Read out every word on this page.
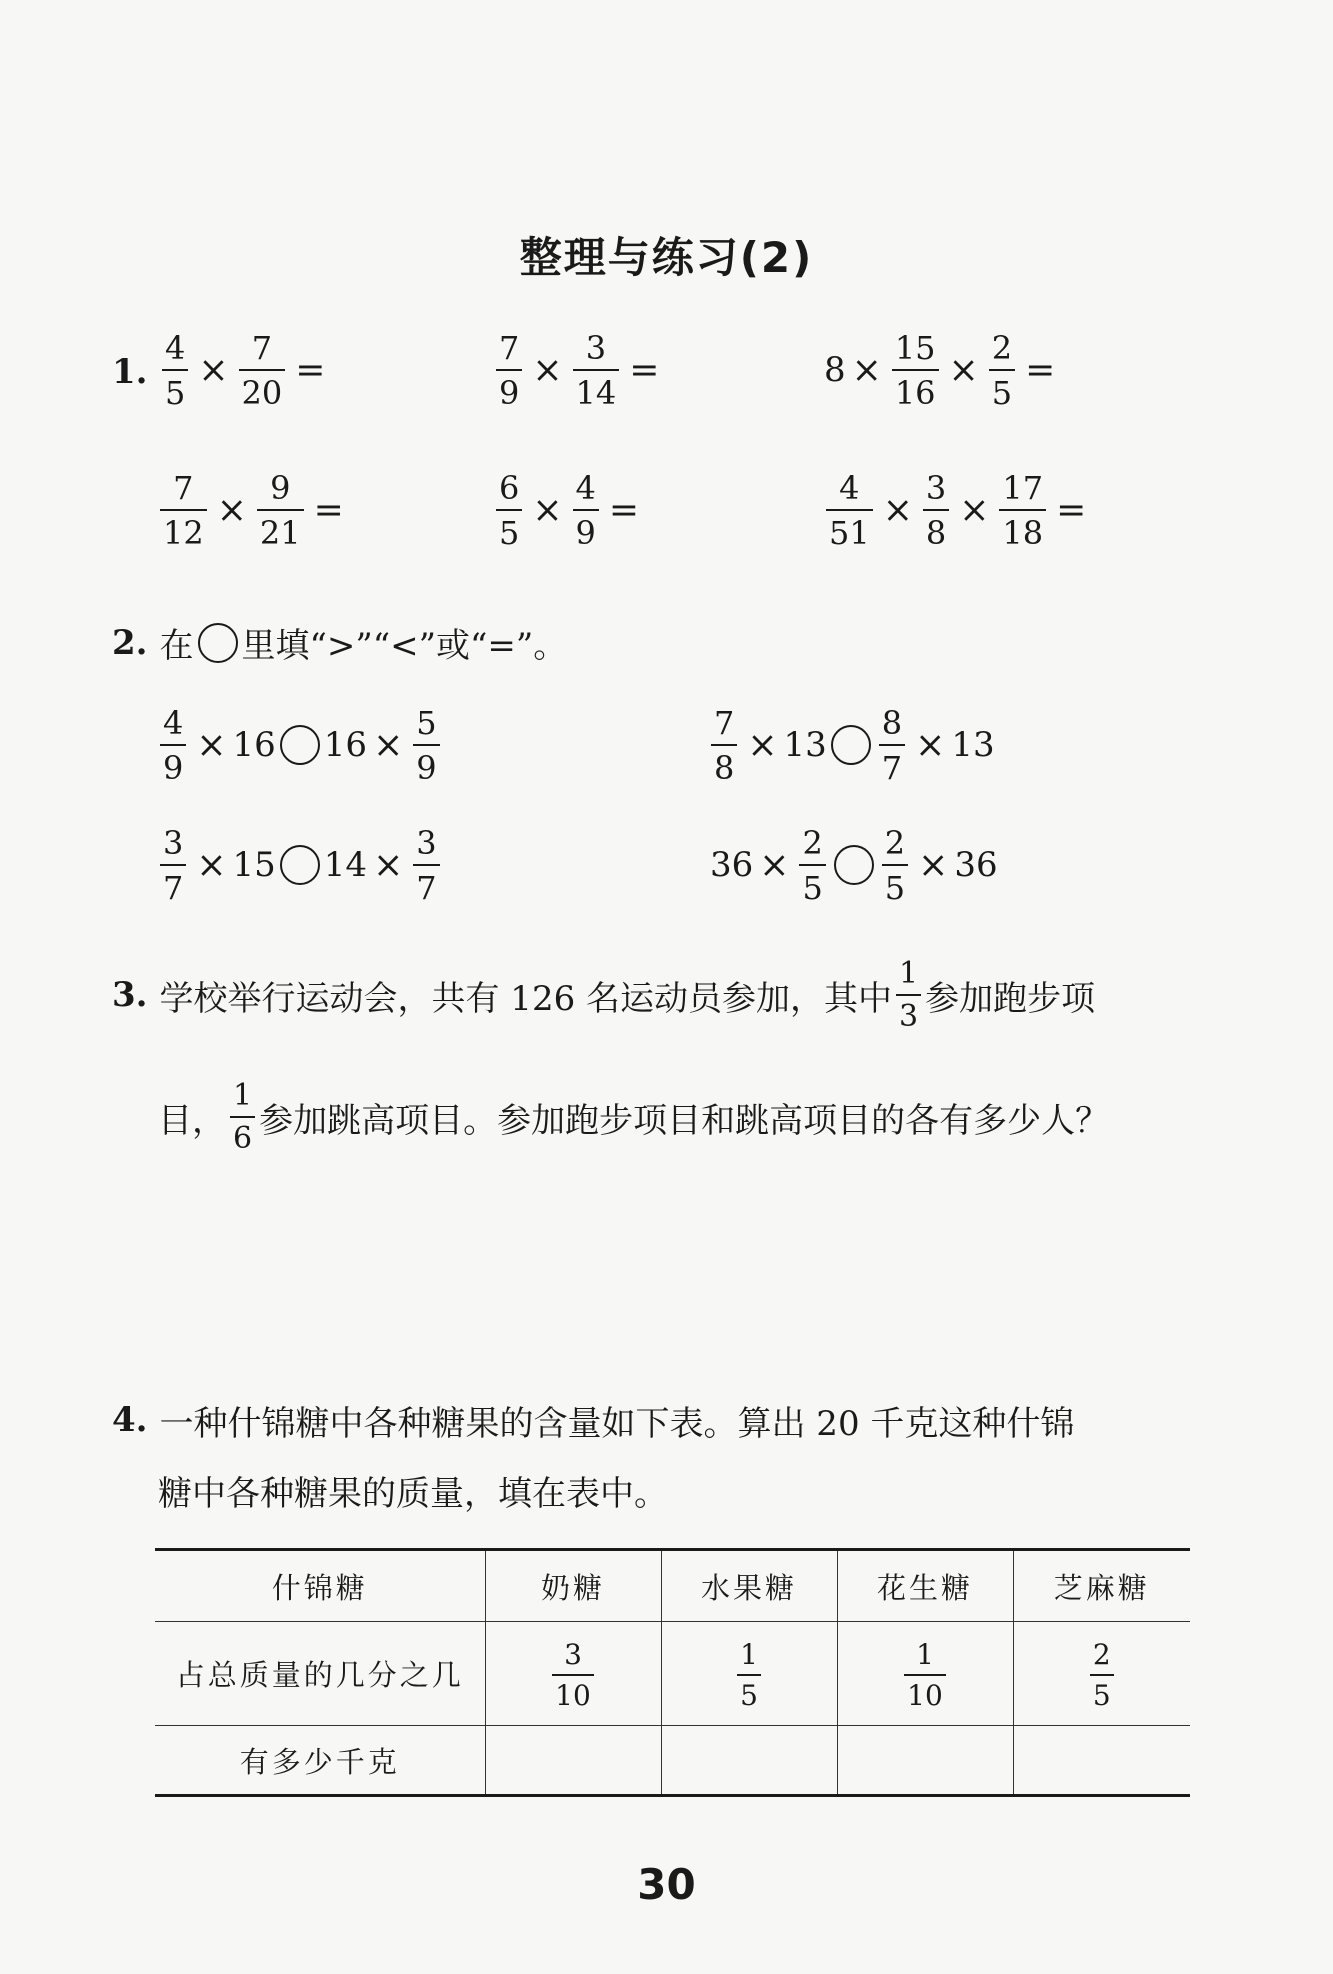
整理与练习(2)
1. $\frac{4}{5} \times \frac{7}{20}$ =	$\frac{7}{9} \times \frac{3}{14}$ =	$8 \times \frac{15}{16} \times \frac{2}{5}$ =
$\frac{7}{12} \times \frac{9}{21}$ =	$\frac{6}{5} \times \frac{4}{9}$ =	$\frac{4}{51} \times \frac{3}{8} \times \frac{17}{18}$ =
2. 在 里填“>”“<”或“=”。
$\frac{4}{9} \times 16$ $16 \times \frac{5}{9}$	$\frac{7}{8} \times 13 \frac{8}{7} \times 13$
$\frac{3}{7} \times 15$ $14 \times \frac{3}{7}$	$36 \times \frac{2}{5} \frac{2}{5} \times 36$
3. 学校举行运动会，共有 126 名运动员参加，其中 $\frac{1}{3}$ 参加跑步项
目， $\frac{1}{6}$ 参加跳高项目。参加跑步项目和跳高项目的各有多少人？
4. 一种什锦糖中各种糖果的含量如下表。算出 20 千克这种什锦
糖中各种糖果的质量，填在表中。
什锦糖	奶糖	水果糖	花生糖	芝麻糖
占总质量的几分之几	$\frac{3}{10}$	$\frac{1}{5}$	$\frac{1}{10}$	$\frac{2}{5}$

有多少千克				
30
